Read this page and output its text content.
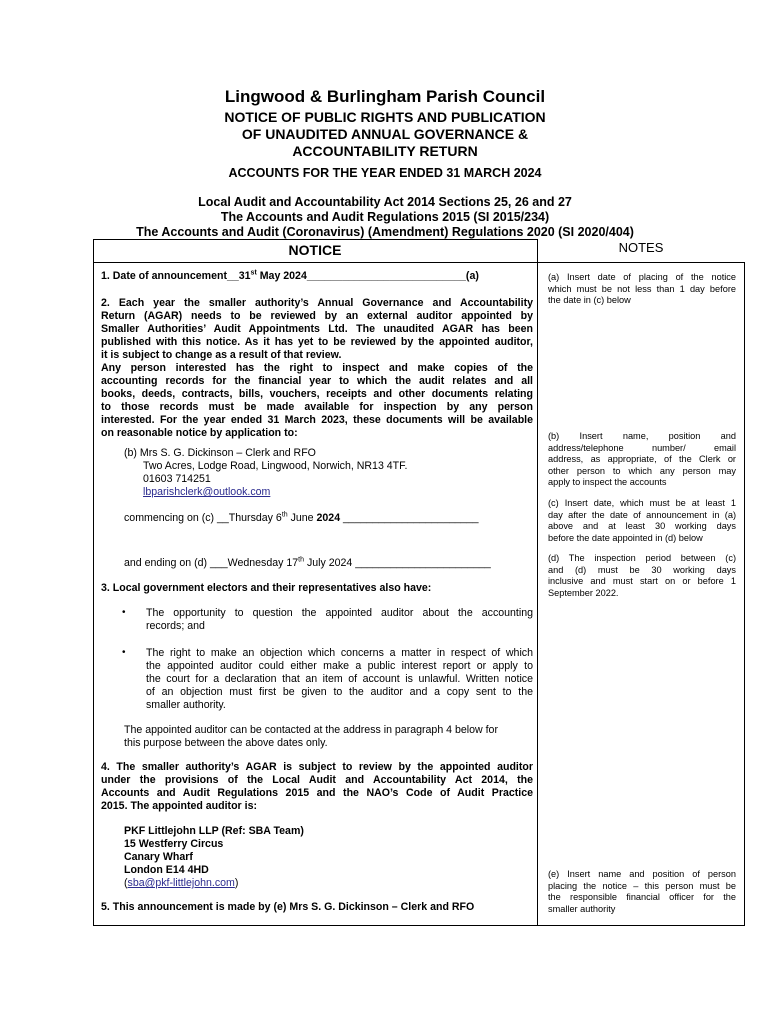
Lingwood & Burlingham Parish Council
NOTICE OF PUBLIC RIGHTS AND PUBLICATION
OF UNAUDITED ANNUAL GOVERNANCE &
ACCOUNTABILITY RETURN
ACCOUNTS FOR THE YEAR ENDED 31 MARCH 2024
Local Audit and Accountability Act 2014 Sections 25, 26 and 27
The Accounts and Audit Regulations 2015 (SI 2015/234)
The Accounts and Audit (Coronavirus) (Amendment) Regulations 2020 (SI 2020/404)
NOTICE	NOTES
1. Date of announcement__31st May 2024___________________________(a)
2. Each year the smaller authority’s Annual Governance and Accountability
Return (AGAR) needs to be reviewed by an external auditor appointed by
Smaller Authorities’ Audit Appointments Ltd. The unaudited AGAR has been
published with this notice. As it has yet to be reviewed by the appointed auditor,
it is subject to change as a result of that review.
Any person interested has the right to inspect and make copies of the
accounting records for the financial year to which the audit relates and all
books, deeds, contracts, bills, vouchers, receipts and other documents relating
to those records must be made available for inspection by any person
interested. For the year ended 31 March 2023, these documents will be available
on reasonable notice by application to:
(b) Mrs S. G. Dickinson – Clerk and RFO
Two Acres, Lodge Road, Lingwood, Norwich, NR13 4TF.
01603 714251
lbparishclerk@outlook.com
commencing on (c) __Thursday 6th June 2024 _______________________
and ending on (d) ___Wednesday 17th July 2024 _______________________
3. Local government electors and their representatives also have:
• The opportunity to question the appointed auditor about the accounting
records; and
• The right to make an objection which concerns a matter in respect of which
the appointed auditor could either make a public interest report or apply to
the court for a declaration that an item of account is unlawful. Written notice
of an objection must first be given to the auditor and a copy sent to the
smaller authority.
The appointed auditor can be contacted at the address in paragraph 4 below for
this purpose between the above dates only.
4. The smaller authority’s AGAR is subject to review by the appointed auditor
under the provisions of the Local Audit and Accountability Act 2014, the
Accounts and Audit Regulations 2015 and the NAO’s Code of Audit Practice
2015. The appointed auditor is:
PKF Littlejohn LLP (Ref: SBA Team)
15 Westferry Circus
Canary Wharf
London E14 4HD
(sba@pkf-littlejohn.com)
5. This announcement is made by (e) Mrs S. G. Dickinson – Clerk and RFO
(a) Insert date of placing of the notice
which must be not less than 1 day before
the date in (c) below
(b) Insert name, position and
address/telephone number/ email
address, as appropriate, of the Clerk or
other person to which any person may
apply to inspect the accounts
(c) Insert date, which must be at least 1
day after the date of announcement in (a)
above and at least 30 working days
before the date appointed in (d) below
(d) The inspection period between (c)
and (d) must be 30 working days
inclusive and must start on or before 1
September 2022.
(e) Insert name and position of person
placing the notice – this person must be
the responsible financial officer for the
smaller authority
